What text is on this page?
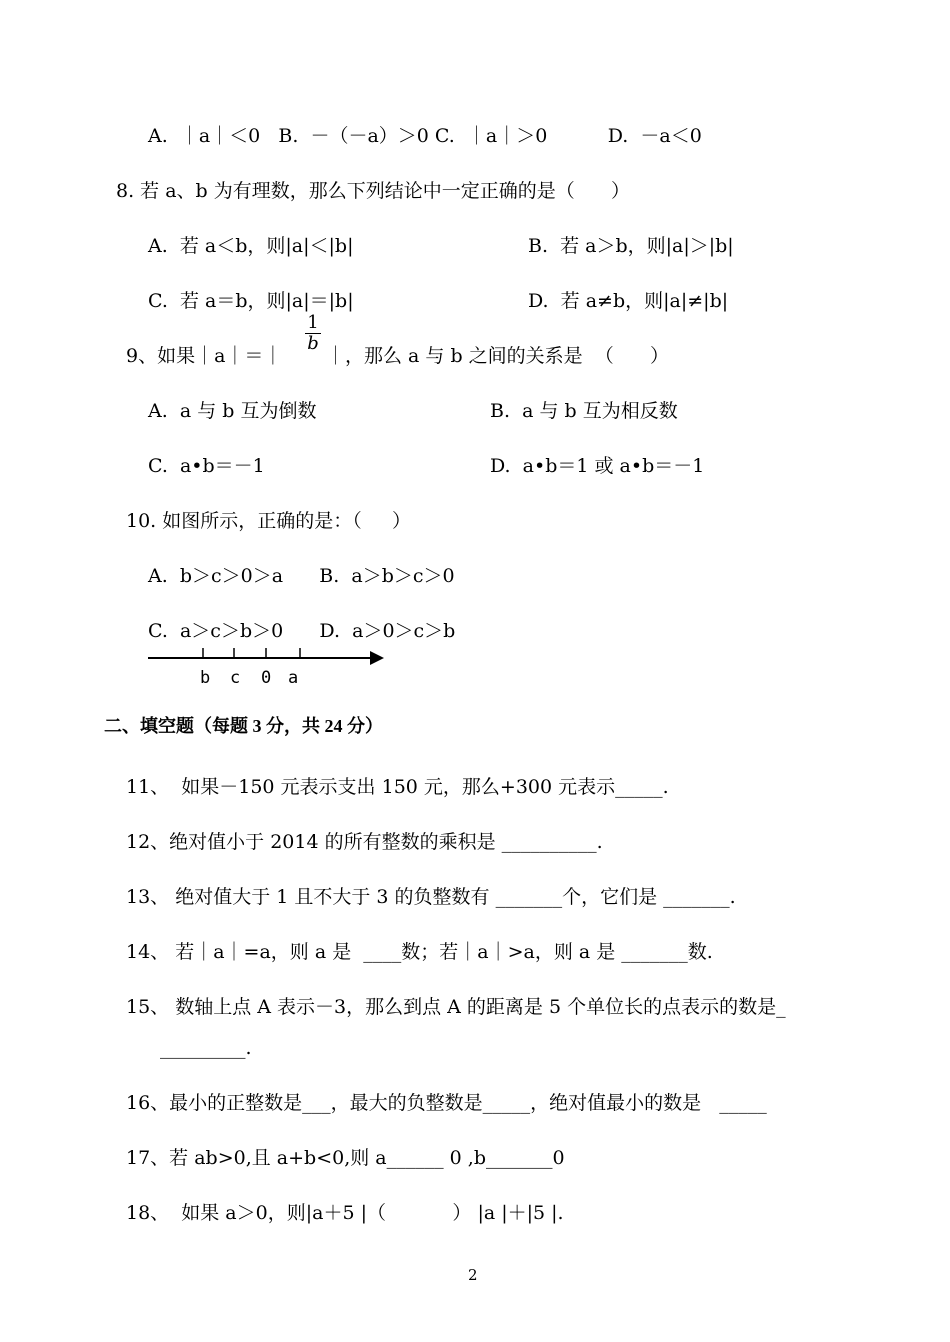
A.  ｜a｜＜0   B.  －（－a）＞0 C.  ｜a｜＞0          D.  －a＜0
8. 若 a、b 为有理数，那么下列结论中一定正确的是（      ）
A.  若 a＜b，则|a|＜|b|	B.  若 a＞b，则|a|＞|b|
C.  若 a＝b，则|a|＝|b|	D.  若 a≠b，则|a|≠|b|
9、如果｜a｜＝｜
$\frac{1}{b}$
｜，那么 a 与 b 之间的关系是  （      ）
A.  a 与 b 互为倒数	B.  a 与 b 互为相反数
C.  a•b＝－1	D.  a•b＝1 或 a•b＝－1
10. 如图所示，正确的是：（     ）
A.  b＞c＞0＞a      B.  a＞b＞c＞0
C.  a＞c＞b＞0      D.  a＞0＞c＞b
b c 0 a
二、填空题（每题 3 分，共 24 分）
11、  如果－150 元表示支出 150 元，那么+300 元表示_____.
12、绝对值小于 2014 的所有整数的乘积是 __________.
13、 绝对值大于 1 且不大于 3 的负整数有 _______个，它们是 _______.
14、 若｜a｜=a，则 a 是  ____数；若｜a｜>a，则 a 是 _______数.
15、 数轴上点 A 表示－3，那么到点 A 的距离是 5 个单位长的点表示的数是_
_________.
16、最小的正整数是___，最大的负整数是_____，绝对值最小的数是   _____
17、若 ab>0,且 a+b<0,则 a______ 0 ,b_______0
18、  如果 a＞0，则|a＋5 |（           ） |a |＋|5 |.
2
